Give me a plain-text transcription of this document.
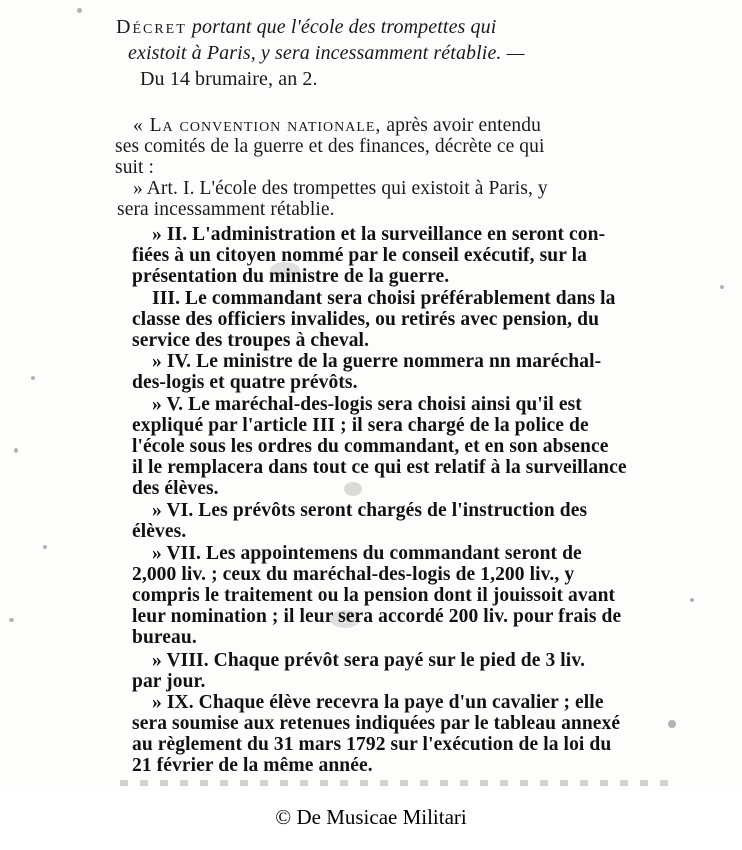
Décret portant que l'école des trompettes qui
existoit à Paris, y sera incessamment rétablie. —
Du 14 brumaire, an 2.
« La convention nationale, après avoir entendu
ses comités de la guerre et des finances, décrète ce qui
suit :
» Art. I. L'école des trompettes qui existoit à Paris, y
sera incessamment rétablie.
» II. L'administration et la surveillance en seront con-
fiées à un citoyen nommé par le conseil exécutif, sur la
présentation du ministre de la guerre.
III. Le commandant sera choisi préférablement dans la
classe des officiers invalides, ou retirés avec pension, du
service des troupes à cheval.
» IV. Le ministre de la guerre nommera nn maréchal-
des-logis et quatre prévôts.
» V. Le maréchal-des-logis sera choisi ainsi qu'il est
expliqué par l'article III ; il sera chargé de la police de
l'école sous les ordres du commandant, et en son absence
il le remplacera dans tout ce qui est relatif à la surveillance
des élèves.
» VI. Les prévôts seront chargés de l'instruction des
élèves.
» VII. Les appointemens du commandant seront de
2,000 liv. ; ceux du maréchal-des-logis de 1,200 liv., y
compris le traitement ou la pension dont il jouissoit avant
leur nomination ; il leur sera accordé 200 liv. pour frais de
bureau.
» VIII. Chaque prévôt sera payé sur le pied de 3 liv.
par jour.
» IX. Chaque élève recevra la paye d'un cavalier ; elle
sera soumise aux retenues indiquées par le tableau annexé
au règlement du 31 mars 1792 sur l'exécution de la loi du
21 février de la même année.
© De Musicae Militari
